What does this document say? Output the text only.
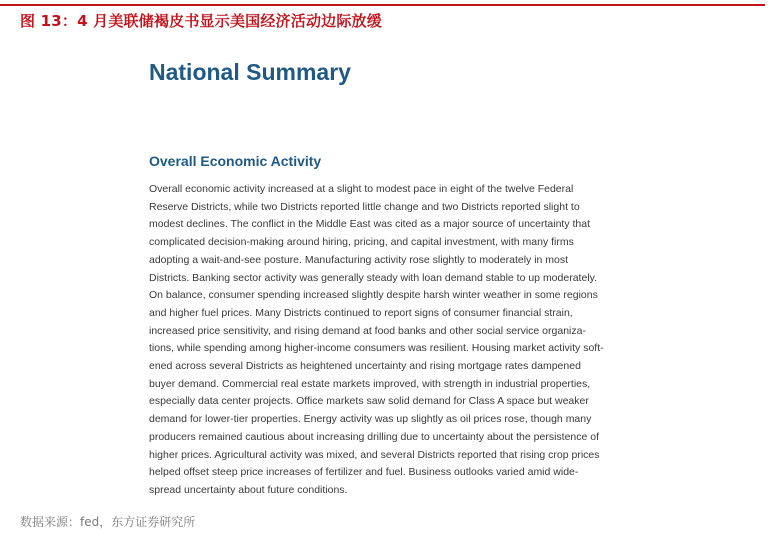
图 13：4 月美联储褐皮书显示美国经济活动边际放缓
National Summary
Overall Economic Activity
Overall economic activity increased at a slight to modest pace in eight of the twelve Federal
Reserve Districts, while two Districts reported little change and two Districts reported slight to
modest declines. The conflict in the Middle East was cited as a major source of uncertainty that
complicated decision-making around hiring, pricing, and capital investment, with many firms
adopting a wait-and-see posture. Manufacturing activity rose slightly to moderately in most
Districts. Banking sector activity was generally steady with loan demand stable to up moderately.
On balance, consumer spending increased slightly despite harsh winter weather in some regions
and higher fuel prices. Many Districts continued to report signs of consumer financial strain,
increased price sensitivity, and rising demand at food banks and other social service organiza-
tions, while spending among higher-income consumers was resilient. Housing market activity soft-
ened across several Districts as heightened uncertainty and rising mortgage rates dampened
buyer demand. Commercial real estate markets improved, with strength in industrial properties,
especially data center projects. Office markets saw solid demand for Class A space but weaker
demand for lower-tier properties. Energy activity was up slightly as oil prices rose, though many
producers remained cautious about increasing drilling due to uncertainty about the persistence of
higher prices. Agricultural activity was mixed, and several Districts reported that rising crop prices
helped offset steep price increases of fertilizer and fuel. Business outlooks varied amid wide-
spread uncertainty about future conditions.
数据来源：fed，东方证券研究所
